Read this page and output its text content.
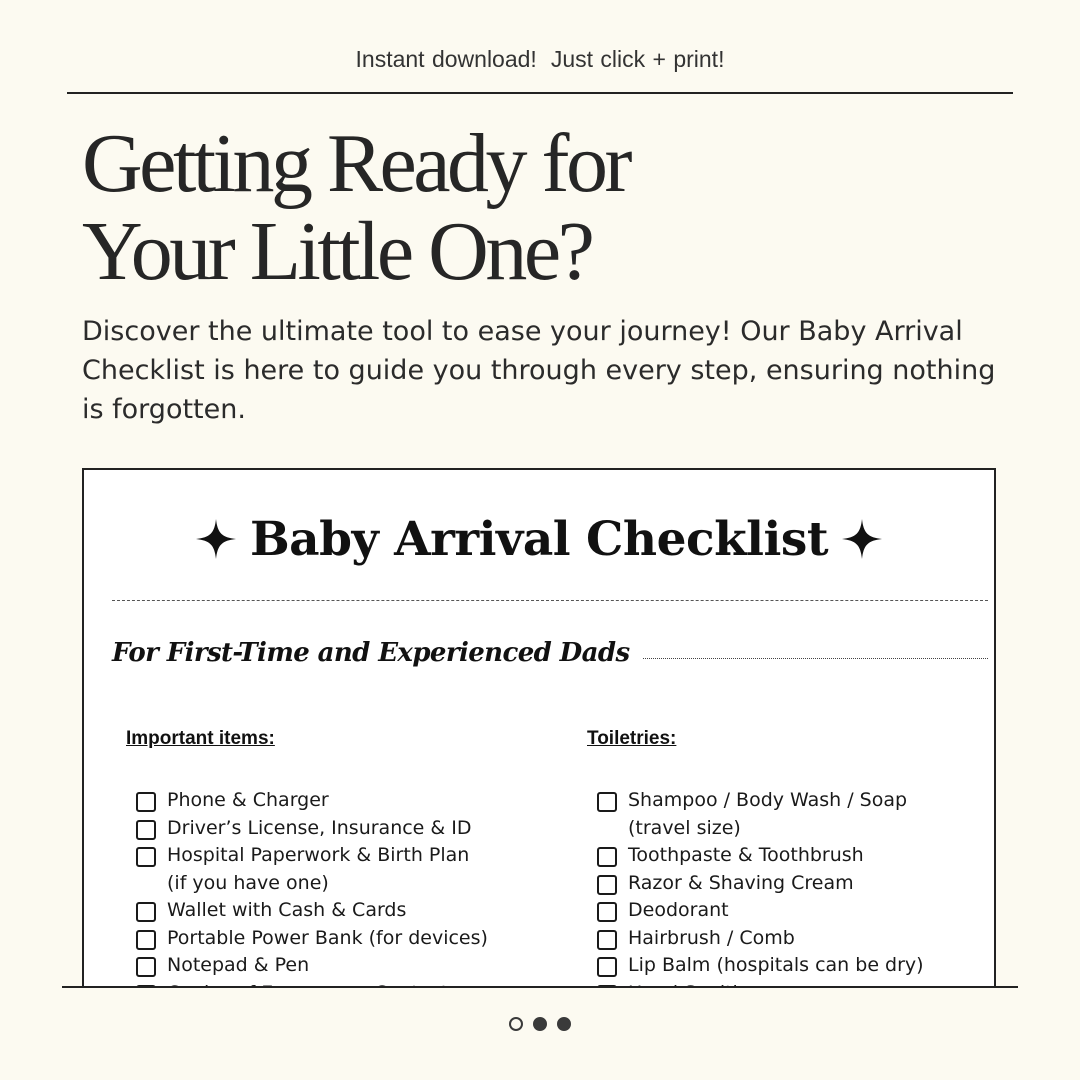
Instant download! Just click + print!
Getting Ready for
Your Little One?

Discover the ultimate tool to ease your journey! Our Baby Arrival Checklist is here to guide you through every step, ensuring nothing is forgotten.

Baby Arrival Checklist
For First-Time and Experienced Dads
Important items:
Phone & Charger
Driver’s License, Insurance & ID
Hospital Paperwork & Birth Plan
(if you have one)
Wallet with Cash & Cards
Portable Power Bank (for devices)
Notepad & Pen
Toiletries:
Shampoo / Body Wash / Soap
(travel size)
Toothpaste & Toothbrush
Razor & Shaving Cream
Deodorant
Hairbrush / Comb
Lip Balm (hospitals can be dry)
